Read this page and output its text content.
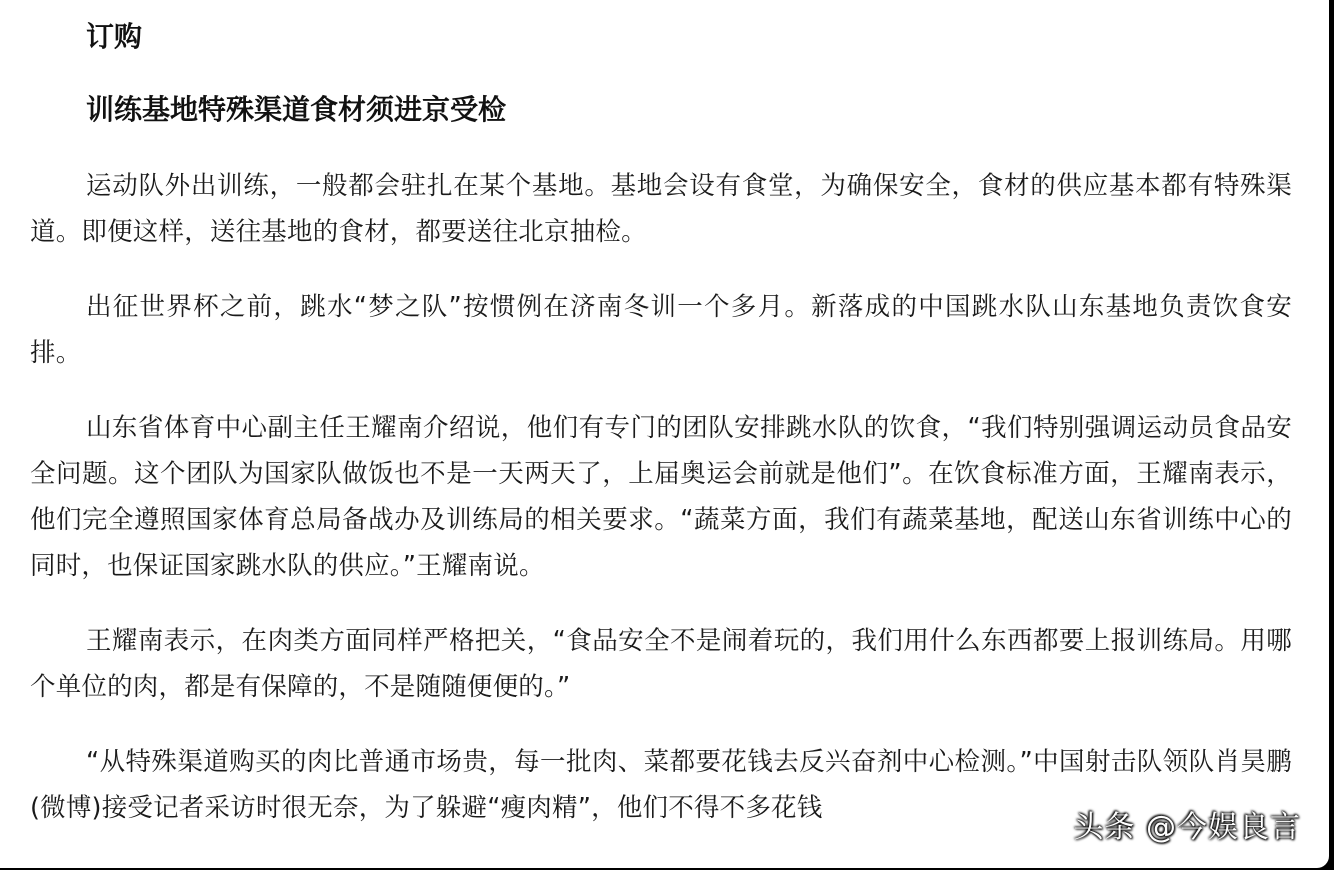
订购

训练基地特殊渠道食材须进京受检

运动队外出训练，一般都会驻扎在某个基地。基地会设有食堂，为确保安全，食材的供应基本都有特殊渠道。即便这样，送往基地的食材，都要送往北京抽检。

出征世界杯之前，跳水“梦之队”按惯例在济南冬训一个多月。新落成的中国跳水队山东基地负责饮食安排。

山东省体育中心副主任王耀南介绍说，他们有专门的团队安排跳水队的饮食，“我们特别强调运动员食品安全问题。这个团队为国家队做饭也不是一天两天了，上届奥运会前就是他们”。在饮食标准方面，王耀南表示，他们完全遵照国家体育总局备战办及训练局的相关要求。“蔬菜方面，我们有蔬菜基地，配送山东省训练中心的同时，也保证国家跳水队的供应。”王耀南说。

王耀南表示，在肉类方面同样严格把关，“食品安全不是闹着玩的，我们用什么东西都要上报训练局。用哪个单位的肉，都是有保障的，不是随随便便的。”

“从特殊渠道购买的肉比普通市场贵，每一批肉、菜都要花钱去反兴奋剂中心检测。”中国射击队领队肖昊鹏(微博)接受记者采访时很无奈，为了躲避“瘦肉精”，他们不得不多花钱

头条 @今娱良言
